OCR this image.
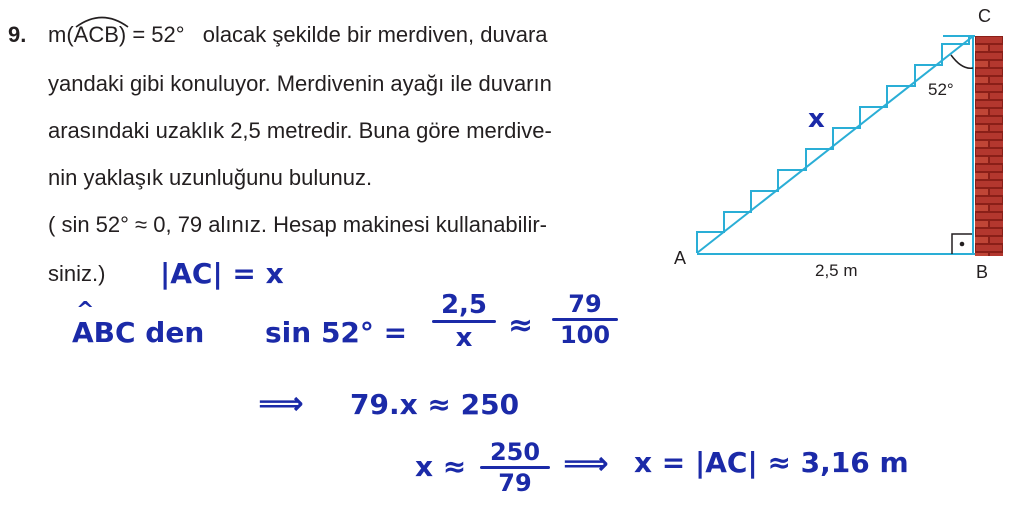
9. m(
ACB) = 52° olacak şekilde bir merdiven, duvara
yandaki gibi konuluyor. Merdivenin ayağı ile duvarın
arasındaki uzaklık 2,5 metredir. Buna göre merdive-
nin yaklaşık uzunluğunu bulunuz.
( sin 52° ≈ 0, 79 alınız. Hesap makinesi kullanabilir-
siniz.)
52°
C
A
B
2,5 m
x
|AC| = x
^
ABC den sin 52° =
2,5
x	≈
79
100
⟹ 79.x ≈ 250
x ≈ 250
79
⟹ x = |AC| ≈ 3,16 m
